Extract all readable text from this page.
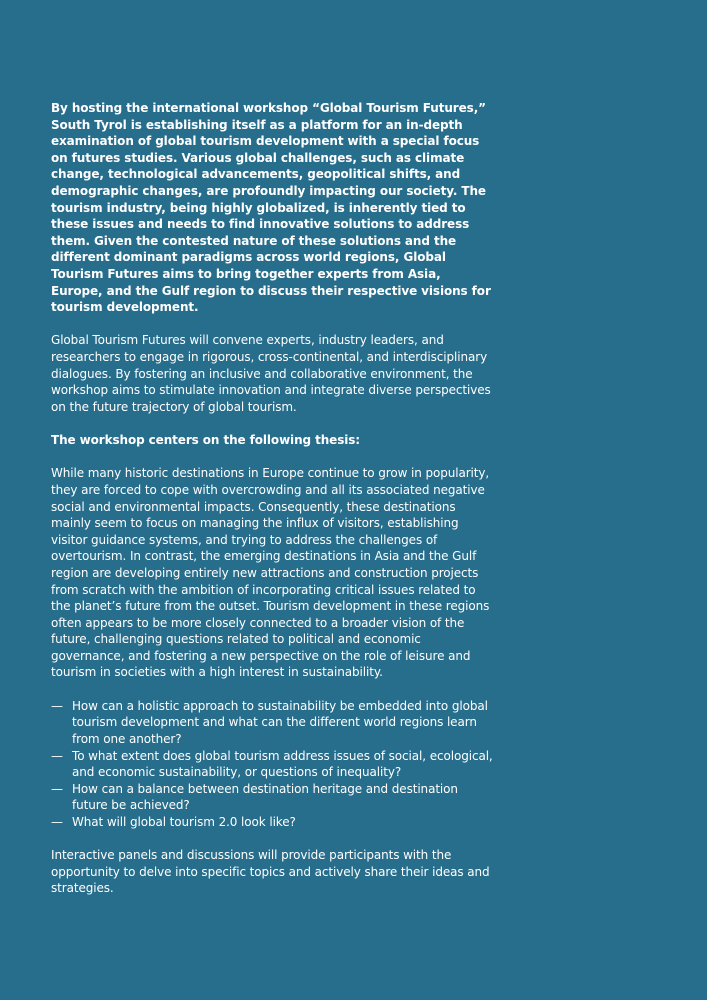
By hosting the international workshop “Global Tourism Futures,” South Tyrol is establishing itself as a platform for an in-depth examination of global tourism development with a special focus on futures studies. Various global challenges, such as climate change, technological advancements, geopolitical shifts, and demographic changes, are profoundly impacting our society. The tourism industry, being highly globalized, is inherently tied to these issues and needs to find innovative solutions to address them. Given the contested nature of these solutions and the different dominant paradigms across world regions, Global Tourism Futures aims to bring together experts from Asia, Europe, and the Gulf region to discuss their respective visions for tourism development.

Global Tourism Futures will convene experts, industry leaders, and researchers to engage in rigorous, cross-continental, and interdisciplinary dialogues. By fostering an inclusive and collaborative environment, the workshop aims to stimulate innovation and integrate diverse perspectives on the future trajectory of global tourism.

The workshop centers on the following thesis:

While many historic destinations in Europe continue to grow in popularity, they are forced to cope with overcrowding and all its associated negative social and environmental impacts. Consequently, these destinations mainly seem to focus on managing the influx of visitors, establishing visitor guidance systems, and trying to address the challenges of overtourism. In contrast, the emerging destinations in Asia and the Gulf region are developing entirely new attractions and construction projects from scratch with the ambition of incorporating critical issues related to the planet’s future from the outset. Tourism development in these regions often appears to be more closely connected to a broader vision of the future, challenging questions related to political and economic governance, and fostering a new perspective on the role of leisure and tourism in societies with a high interest in sustainability.

— How can a holistic approach to sustainability be embedded into global tourism development and what can the different world regions learn from one another?
— To what extent does global tourism address issues of social, ecological, and economic sustainability, or questions of inequality?
— How can a balance between destination heritage and destination future be achieved?
— What will global tourism 2.0 look like?

Interactive panels and discussions will provide participants with the opportunity to delve into specific topics and actively share their ideas and strategies.
